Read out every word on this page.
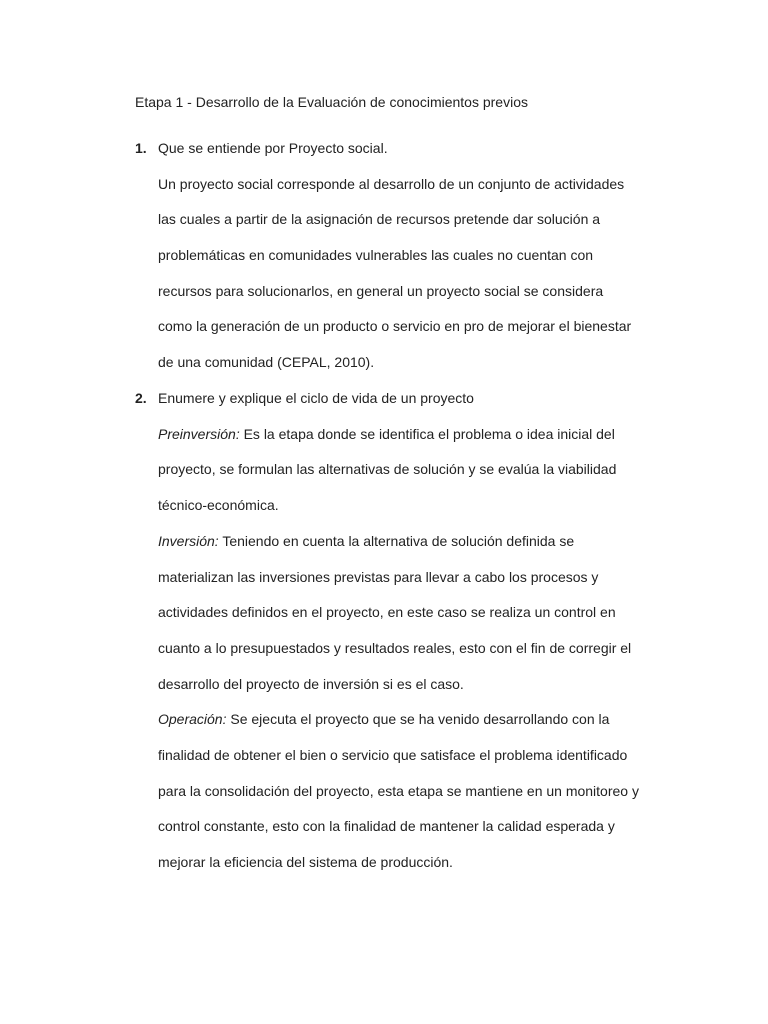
Etapa 1 - Desarrollo de la Evaluación de conocimientos previos
1. Que se entiende por Proyecto social.
Un proyecto social corresponde al desarrollo de un conjunto de actividades
las cuales a partir de la asignación de recursos pretende dar solución a
problemáticas en comunidades vulnerables las cuales no cuentan con
recursos para solucionarlos, en general un proyecto social se considera
como la generación de un producto o servicio en pro de mejorar el bienestar
de una comunidad (CEPAL, 2010).
2. Enumere y explique el ciclo de vida de un proyecto
Preinversión: Es la etapa donde se identifica el problema o idea inicial del
proyecto, se formulan las alternativas de solución y se evalúa la viabilidad
técnico-económica.
Inversión: Teniendo en cuenta la alternativa de solución definida se
materializan las inversiones previstas para llevar a cabo los procesos y
actividades definidos en el proyecto, en este caso se realiza un control en
cuanto a lo presupuestados y resultados reales, esto con el fin de corregir el
desarrollo del proyecto de inversión si es el caso.
Operación: Se ejecuta el proyecto que se ha venido desarrollando con la
finalidad de obtener el bien o servicio que satisface el problema identificado
para la consolidación del proyecto, esta etapa se mantiene en un monitoreo y
control constante, esto con la finalidad de mantener la calidad esperada y
mejorar la eficiencia del sistema de producción.
